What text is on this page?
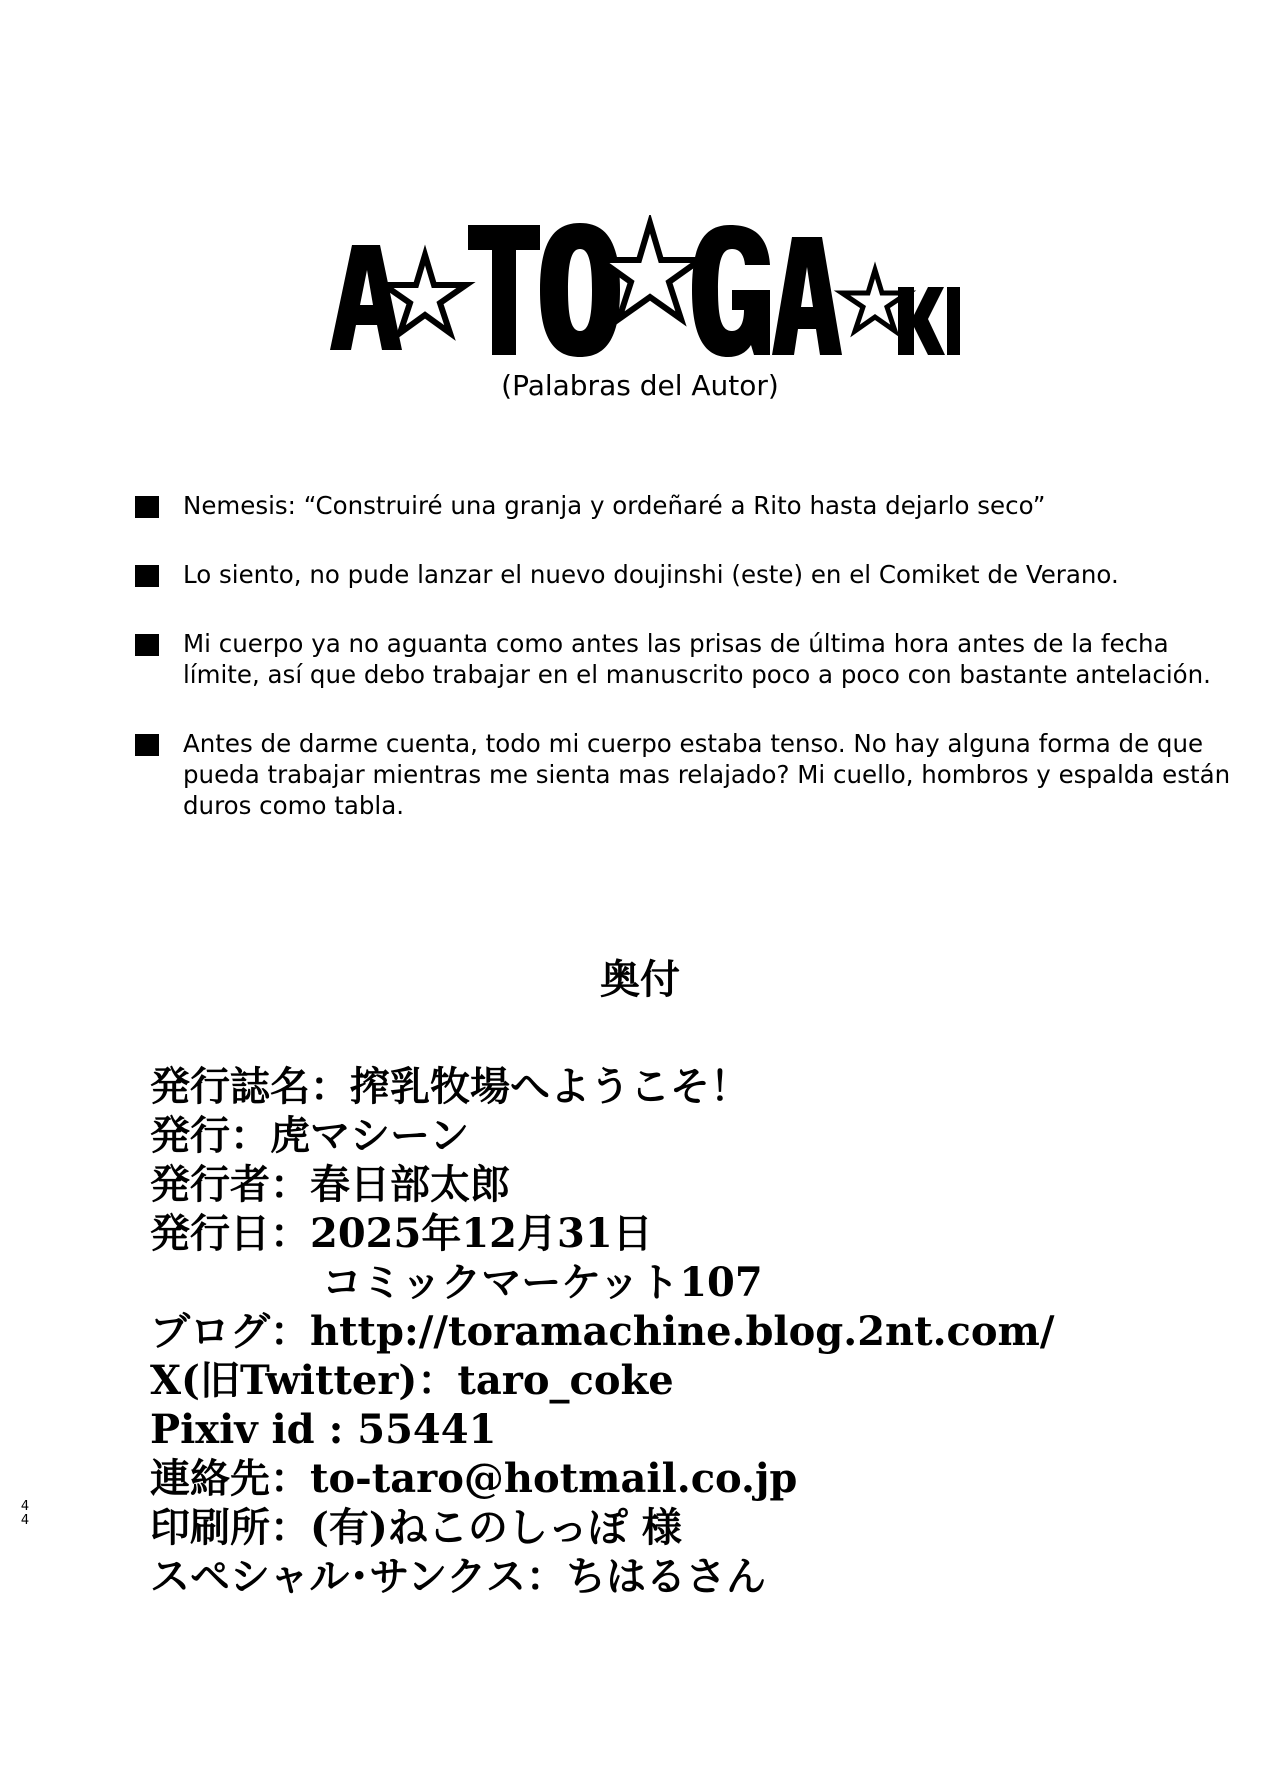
(Palabras del Autor)
Nemesis: “Construiré una granja y ordeñaré a Rito hasta dejarlo seco”
Lo siento, no pude lanzar el nuevo doujinshi (este) en el Comiket de Verano.
Mi cuerpo ya no aguanta como antes las prisas de última hora antes de la fecha límite, así que debo trabajar en el manuscrito poco a poco con bastante antelación.
Antes de darme cuenta, todo mi cuerpo estaba tenso. No hay alguna forma de que pueda trabajar mientras me sienta mas relajado? Mi cuello, hombros y espalda están duros como tabla.
奥付
発行誌名：搾乳牧場へようこそ！
発行：虎マシーン
発行者：春日部太郎
発行日：2025年12月31日
コミックマーケット107
ブログ：http://toramachine.blog.2nt.com/
X(旧Twitter)：taro_coke
Pixiv id : 55441
連絡先：to-taro@hotmail.co.jp
印刷所：(有)ねこのしっぽ 様
スペシャル･サンクス：ちはるさん
4
4
